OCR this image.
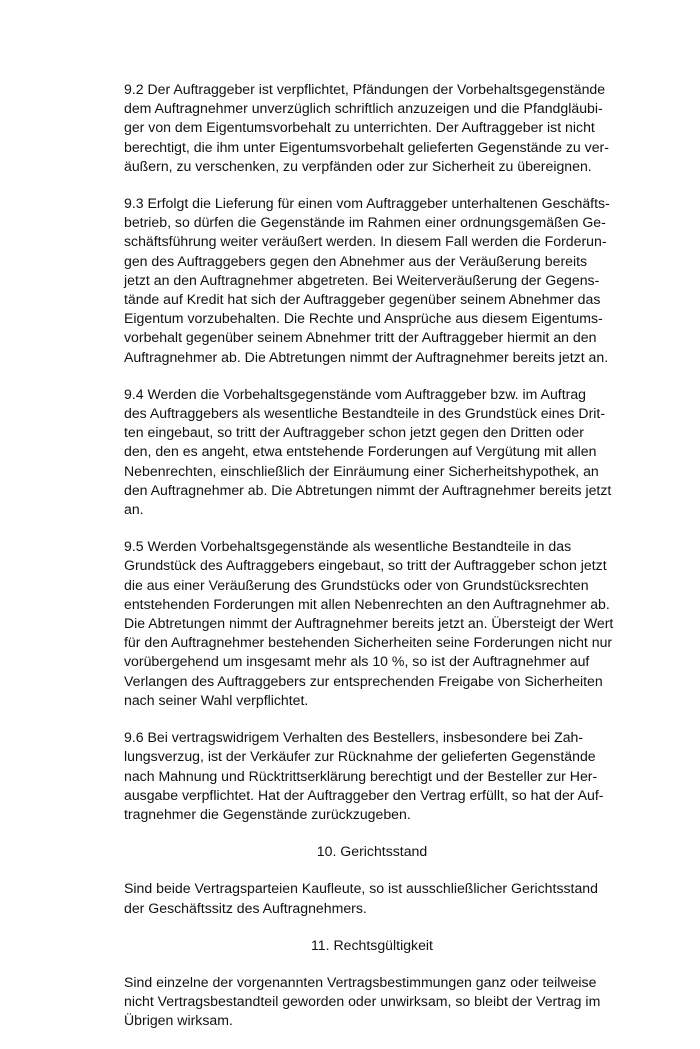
9.2 Der Auftraggeber ist verpflichtet, Pfändungen der Vorbehaltsgegenstände
dem Auftragnehmer unverzüglich schriftlich anzuzeigen und die Pfandgläubi-
ger von dem Eigentumsvorbehalt zu unterrichten. Der Auftraggeber ist nicht
berechtigt, die ihm unter Eigentumsvorbehalt gelieferten Gegenstände zu ver-
äußern, zu verschenken, zu verpfänden oder zur Sicherheit zu übereignen.

9.3 Erfolgt die Lieferung für einen vom Auftraggeber unterhaltenen Geschäfts-
betrieb, so dürfen die Gegenstände im Rahmen einer ordnungsgemäßen Ge-
schäftsführung weiter veräußert werden. In diesem Fall werden die Forderun-
gen des Auftraggebers gegen den Abnehmer aus der Veräußerung bereits
jetzt an den Auftragnehmer abgetreten. Bei Weiterveräußerung der Gegens-
tände auf Kredit hat sich der Auftraggeber gegenüber seinem Abnehmer das
Eigentum vorzubehalten. Die Rechte und Ansprüche aus diesem Eigentums-
vorbehalt gegenüber seinem Abnehmer tritt der Auftraggeber hiermit an den
Auftragnehmer ab. Die Abtretungen nimmt der Auftragnehmer bereits jetzt an.

9.4 Werden die Vorbehaltsgegenstände vom Auftraggeber bzw. im Auftrag
des Auftraggebers als wesentliche Bestandteile in des Grundstück eines Drit-
ten eingebaut, so tritt der Auftraggeber schon jetzt gegen den Dritten oder
den, den es angeht, etwa entstehende Forderungen auf Vergütung mit allen
Nebenrechten, einschließlich der Einräumung einer Sicherheitshypothek, an
den Auftragnehmer ab. Die Abtretungen nimmt der Auftragnehmer bereits jetzt
an.

9.5 Werden Vorbehaltsgegenstände als wesentliche Bestandteile in das
Grundstück des Auftraggebers eingebaut, so tritt der Auftraggeber schon jetzt
die aus einer Veräußerung des Grundstücks oder von Grundstücksrechten
entstehenden Forderungen mit allen Nebenrechten an den Auftragnehmer ab.
Die Abtretungen nimmt der Auftragnehmer bereits jetzt an. Übersteigt der Wert
für den Auftragnehmer bestehenden Sicherheiten seine Forderungen nicht nur
vorübergehend um insgesamt mehr als 10 %, so ist der Auftragnehmer auf
Verlangen des Auftraggebers zur entsprechenden Freigabe von Sicherheiten
nach seiner Wahl verpflichtet.

9.6 Bei vertragswidrigem Verhalten des Bestellers, insbesondere bei Zah-
lungsverzug, ist der Verkäufer zur Rücknahme der gelieferten Gegenstände
nach Mahnung und Rücktrittserklärung berechtigt und der Besteller zur Her-
ausgabe verpflichtet. Hat der Auftraggeber den Vertrag erfüllt, so hat der Auf-
tragnehmer die Gegenstände zurückzugeben.

10. Gerichtsstand

Sind beide Vertragsparteien Kaufleute, so ist ausschließlicher Gerichtsstand
der Geschäftssitz des Auftragnehmers.

11. Rechtsgültigkeit

Sind einzelne der vorgenannten Vertragsbestimmungen ganz oder teilweise
nicht Vertragsbestandteil geworden oder unwirksam, so bleibt der Vertrag im
Übrigen wirksam.
